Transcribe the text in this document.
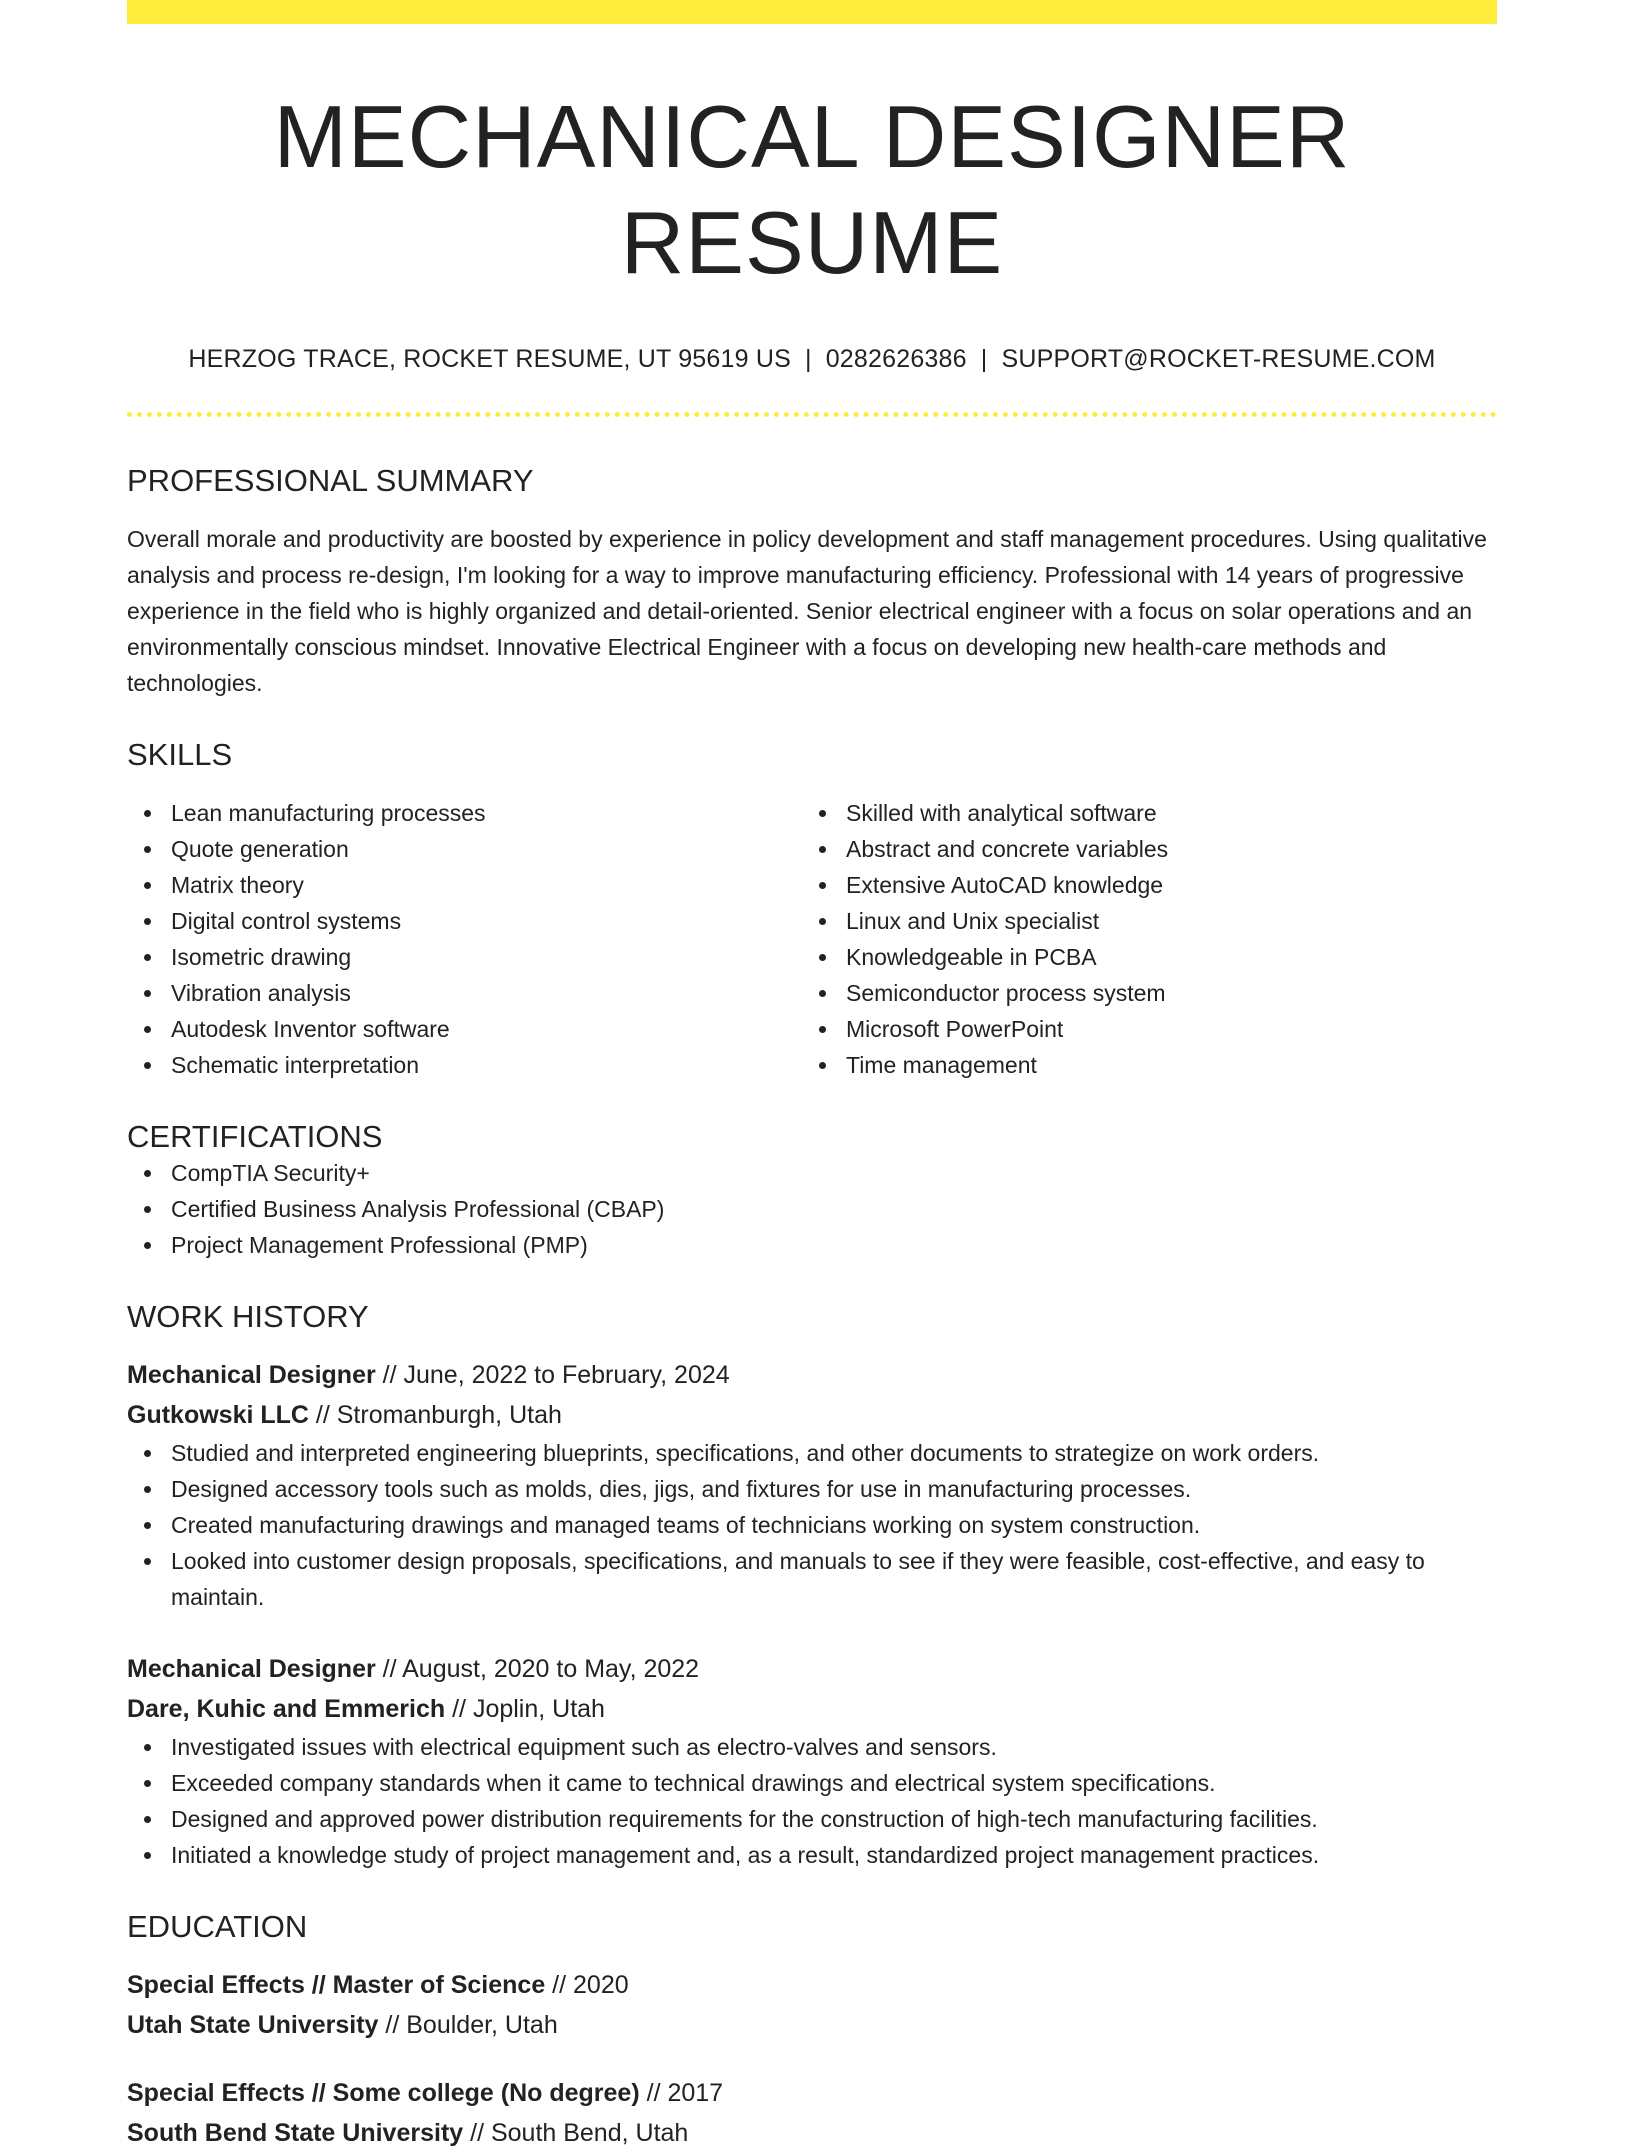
MECHANICAL DESIGNER RESUME
HERZOG TRACE, ROCKET RESUME, UT 95619 US | 0282626386 | SUPPORT@ROCKET-RESUME.COM
PROFESSIONAL SUMMARY
Overall morale and productivity are boosted by experience in policy development and staff management procedures. Using qualitative analysis and process re-design, I'm looking for a way to improve manufacturing efficiency. Professional with 14 years of progressive experience in the field who is highly organized and detail-oriented. Senior electrical engineer with a focus on solar operations and an environmentally conscious mindset. Innovative Electrical Engineer with a focus on developing new health-care methods and technologies.
SKILLS
Lean manufacturing processes
Quote generation
Matrix theory
Digital control systems
Isometric drawing
Vibration analysis
Autodesk Inventor software
Schematic interpretation
Skilled with analytical software
Abstract and concrete variables
Extensive AutoCAD knowledge
Linux and Unix specialist
Knowledgeable in PCBA
Semiconductor process system
Microsoft PowerPoint
Time management
CERTIFICATIONS
CompTIA Security+
Certified Business Analysis Professional (CBAP)
Project Management Professional (PMP)
WORK HISTORY
Mechanical Designer // June, 2022 to February, 2024
Gutkowski LLC // Stromanburgh, Utah
Studied and interpreted engineering blueprints, specifications, and other documents to strategize on work orders.
Designed accessory tools such as molds, dies, jigs, and fixtures for use in manufacturing processes.
Created manufacturing drawings and managed teams of technicians working on system construction.
Looked into customer design proposals, specifications, and manuals to see if they were feasible, cost-effective, and easy to maintain.
Mechanical Designer // August, 2020 to May, 2022
Dare, Kuhic and Emmerich // Joplin, Utah
Investigated issues with electrical equipment such as electro-valves and sensors.
Exceeded company standards when it came to technical drawings and electrical system specifications.
Designed and approved power distribution requirements for the construction of high-tech manufacturing facilities.
Initiated a knowledge study of project management and, as a result, standardized project management practices.
EDUCATION
Special Effects // Master of Science // 2020
Utah State University // Boulder, Utah
Special Effects // Some college (No degree) // 2017
South Bend State University // South Bend, Utah
